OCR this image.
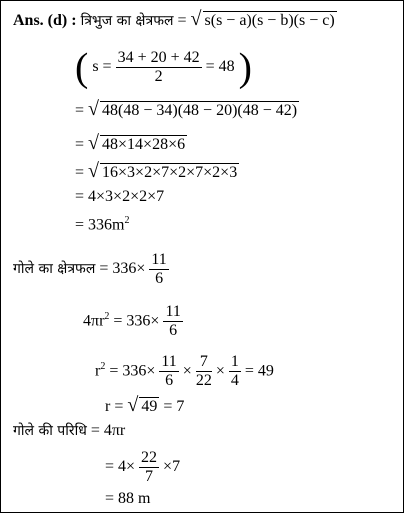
Ans. (d) : त्रिभुज का क्षेत्रफल = √ s(s − a)(s − b)(s − c)
( $s = \frac{34 + 20 + 42}{2} = 48$ )
= √ 48(48 − 34)(48 − 20)(48 − 42)
= √ 48×14×28×6
= √ 16×3×2×7×2×7×2×3
= 4×3×2×2×7
= $336m^2$
गोले का क्षेत्रफल = $336\times \frac{11}{6}$
$4\pi r^2 = 336\times \frac{11}{6}$
$r^2 = 336\times \frac{11}{6} \times \frac{7}{22} \times \frac{1}{4} = 49$
r = √ 49 = 7
गोले की परिधि = 4πr
= $4\times \frac{22}{7} \times 7$
= 88 m
